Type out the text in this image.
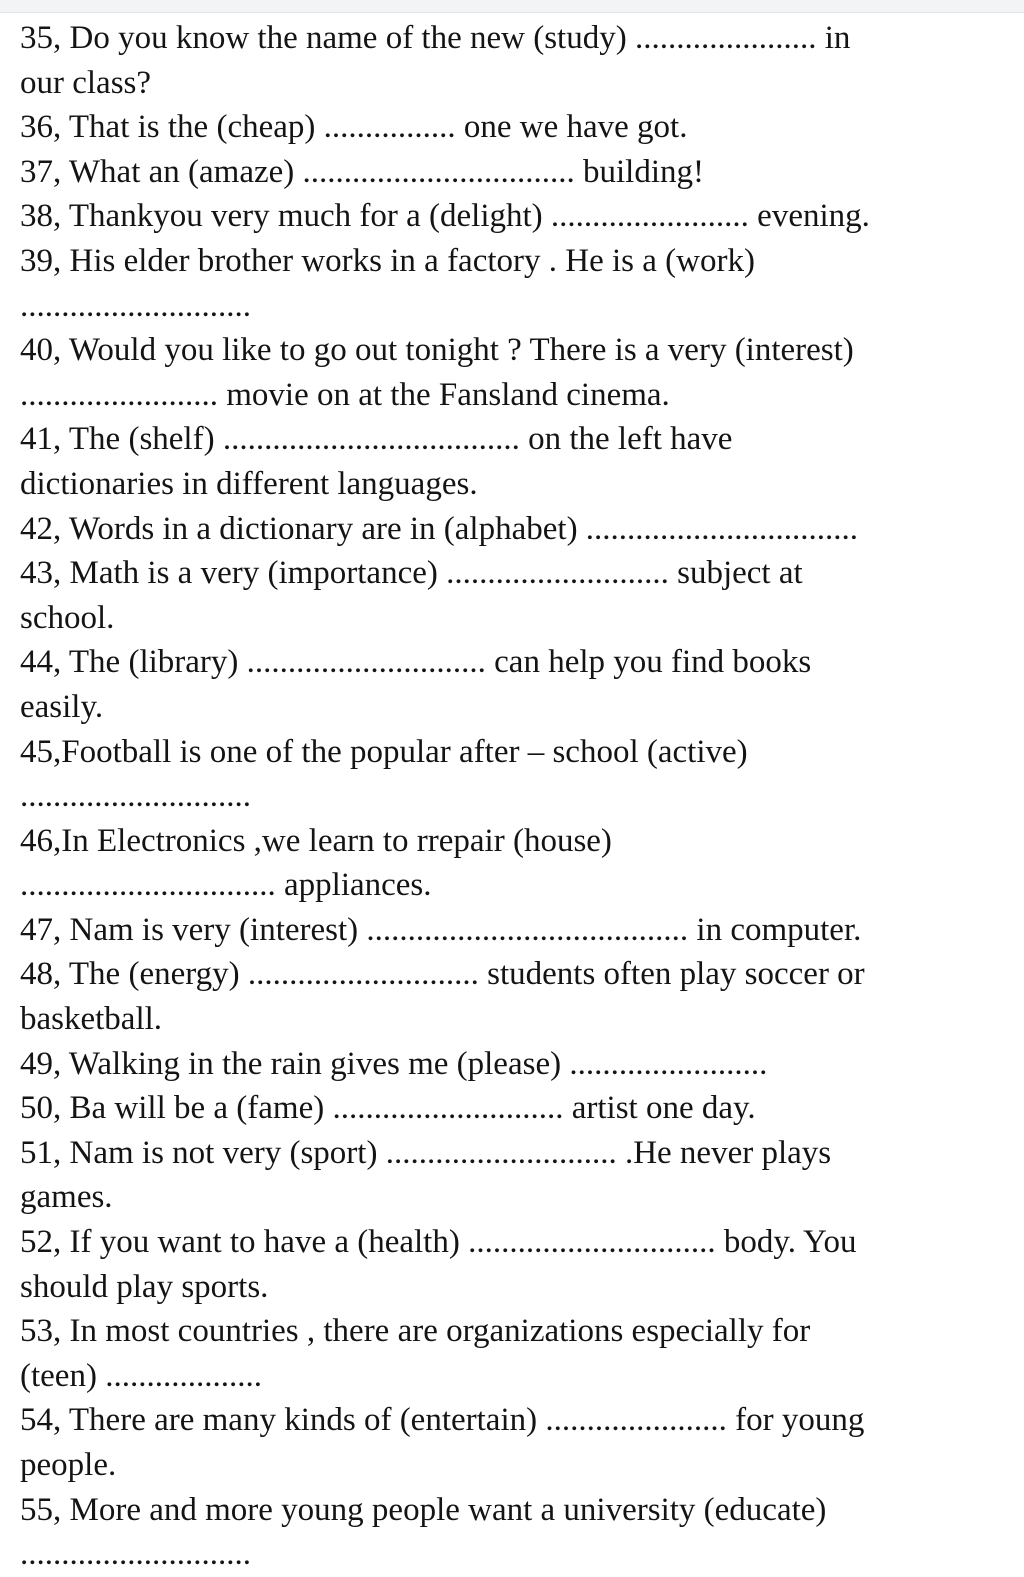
35, Do you know the name of the new (study) ...................... in
our class?
36, That is the (cheap) ................ one we have got.
37, What an (amaze) ................................. building!
38, Thankyou very much for a (delight) ........................ evening.
39, His elder brother works in a factory . He is a (work)
............................
40, Would you like to go out tonight ? There is a very (interest)
........................ movie on at the Fansland cinema.
41, The (shelf) .................................... on the left have
dictionaries in different languages.
42, Words in a dictionary are in (alphabet) .................................
43, Math is a very (importance) ........................... subject at
school.
44, The (library) ............................. can help you find books
easily.
45,Football is one of the popular after – school (active)
............................
46,In Electronics ,we learn to rrepair (house)
............................... appliances.
47, Nam is very (interest) ....................................... in computer.
48, The (energy) ............................ students often play soccer or
basketball.
49, Walking in the rain gives me (please) ........................
50, Ba will be a (fame) ............................ artist one day.
51, Nam is not very (sport) ............................ .He never plays
games.
52, If you want to have a (health) .............................. body. You
should play sports.
53, In most countries , there are organizations especially for
(teen) ...................
54, There are many kinds of (entertain) ...................... for young
people.
55, More and more young people want a university (educate)
............................
